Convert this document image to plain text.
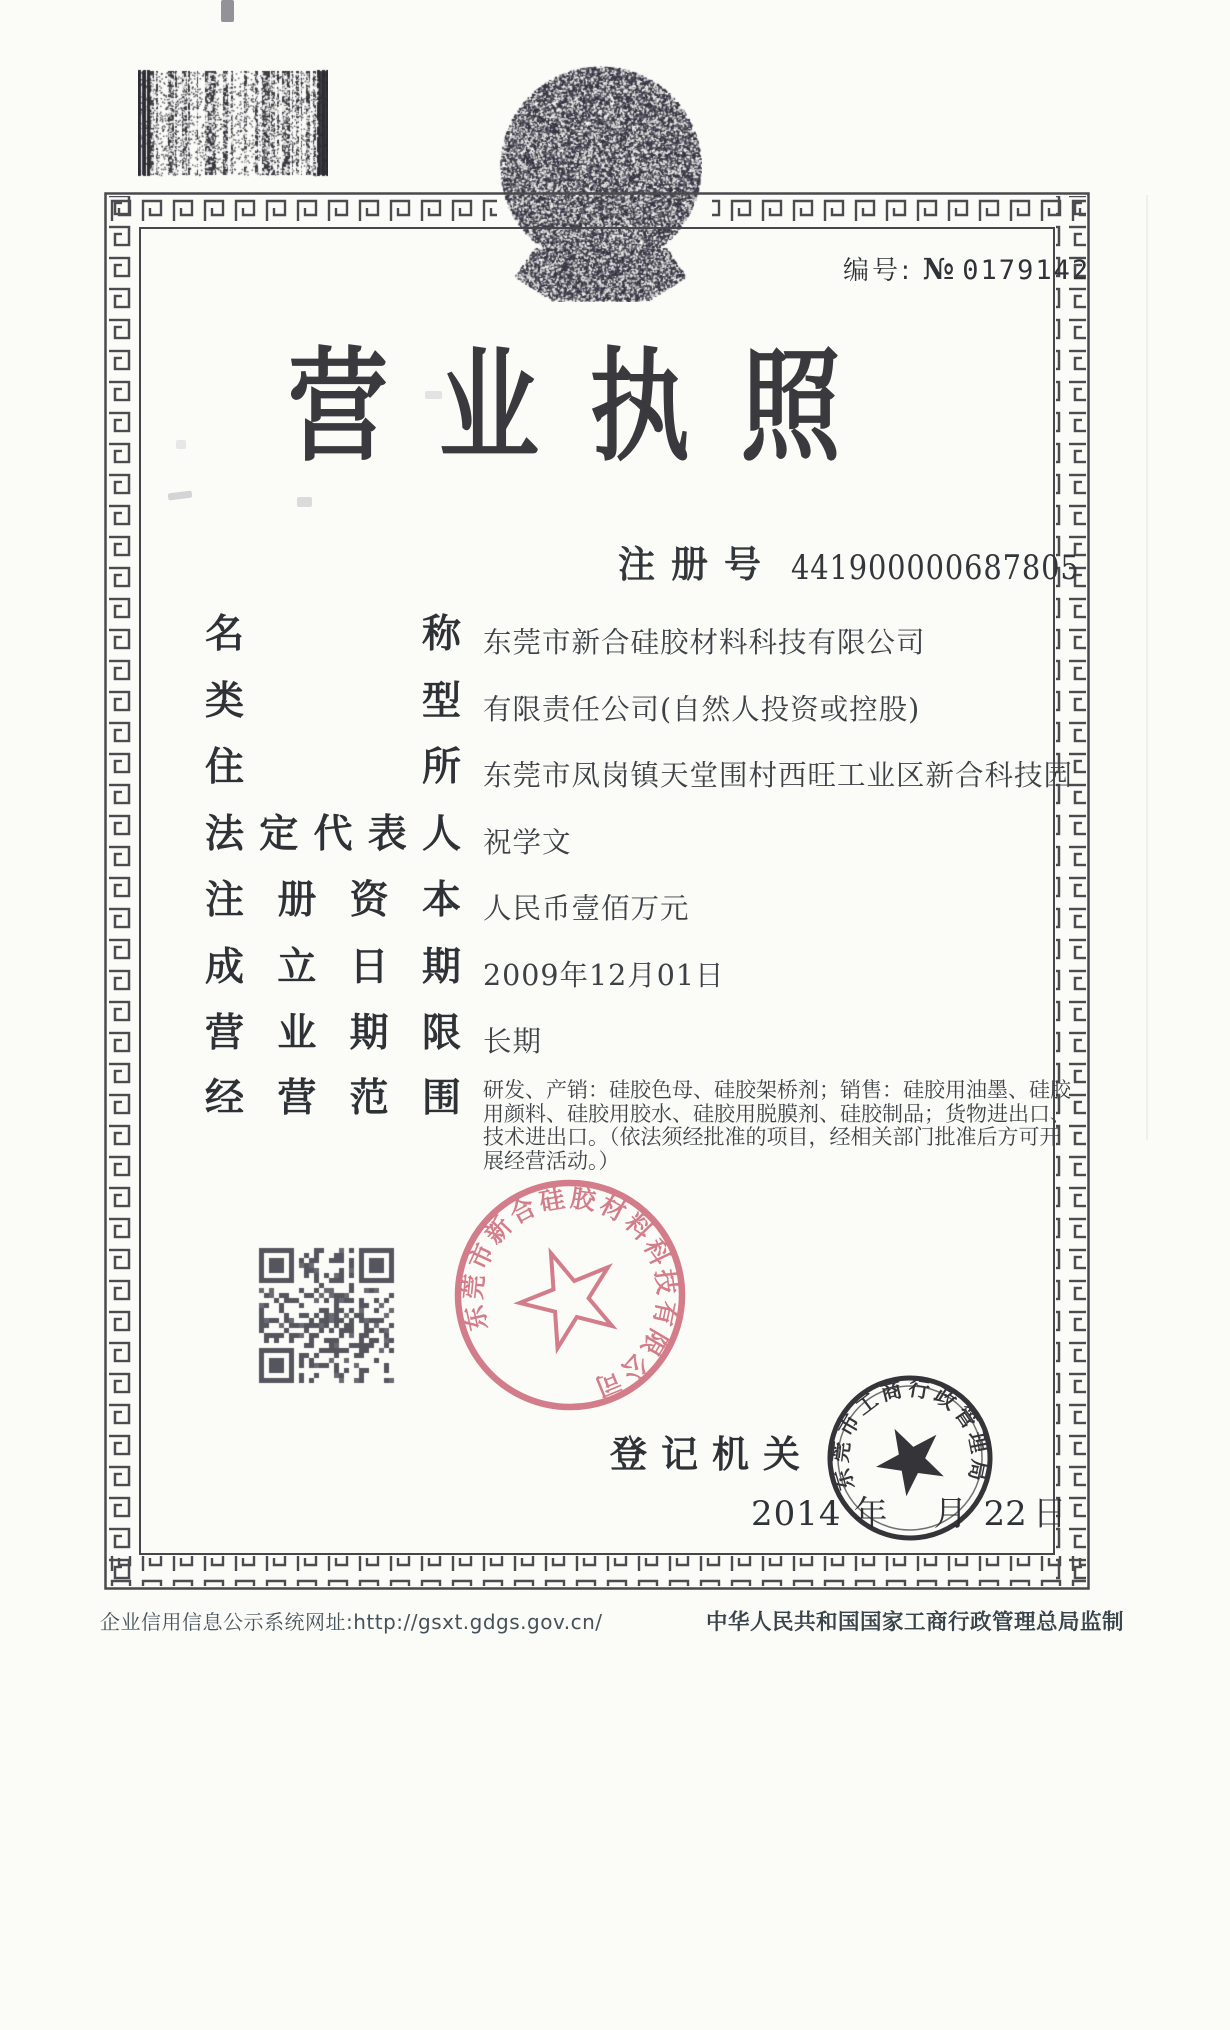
编号: № 0179142
营业执照
注册号 441900000687805
名称 东莞市新合硅胶材料科技有限公司
类型 有限责任公司(自然人投资或控股)
住所 东莞市凤岗镇天堂围村西旺工业区新合科技园
法定代表人 祝学文
注册资本 人民币壹佰万元
成立日期 2009年12月01日
营业期限 长期
经营范围 研发、产销：硅胶色母、硅胶架桥剂；销售：硅胶用油墨、硅胶用颜料、硅胶用胶水、硅胶用脱膜剂、硅胶制品；货物进出口、技术进出口。（依法须经批准的项目，经相关部门批准后方可开展经营活动。）
东莞市新合硅胶材料科技有限公司
登记机关
2014 年 月 22 日
东莞市工商行政管理局
企业信用信息公示系统网址:http://gsxt.gdgs.gov.cn/	中华人民共和国国家工商行政管理总局监制
